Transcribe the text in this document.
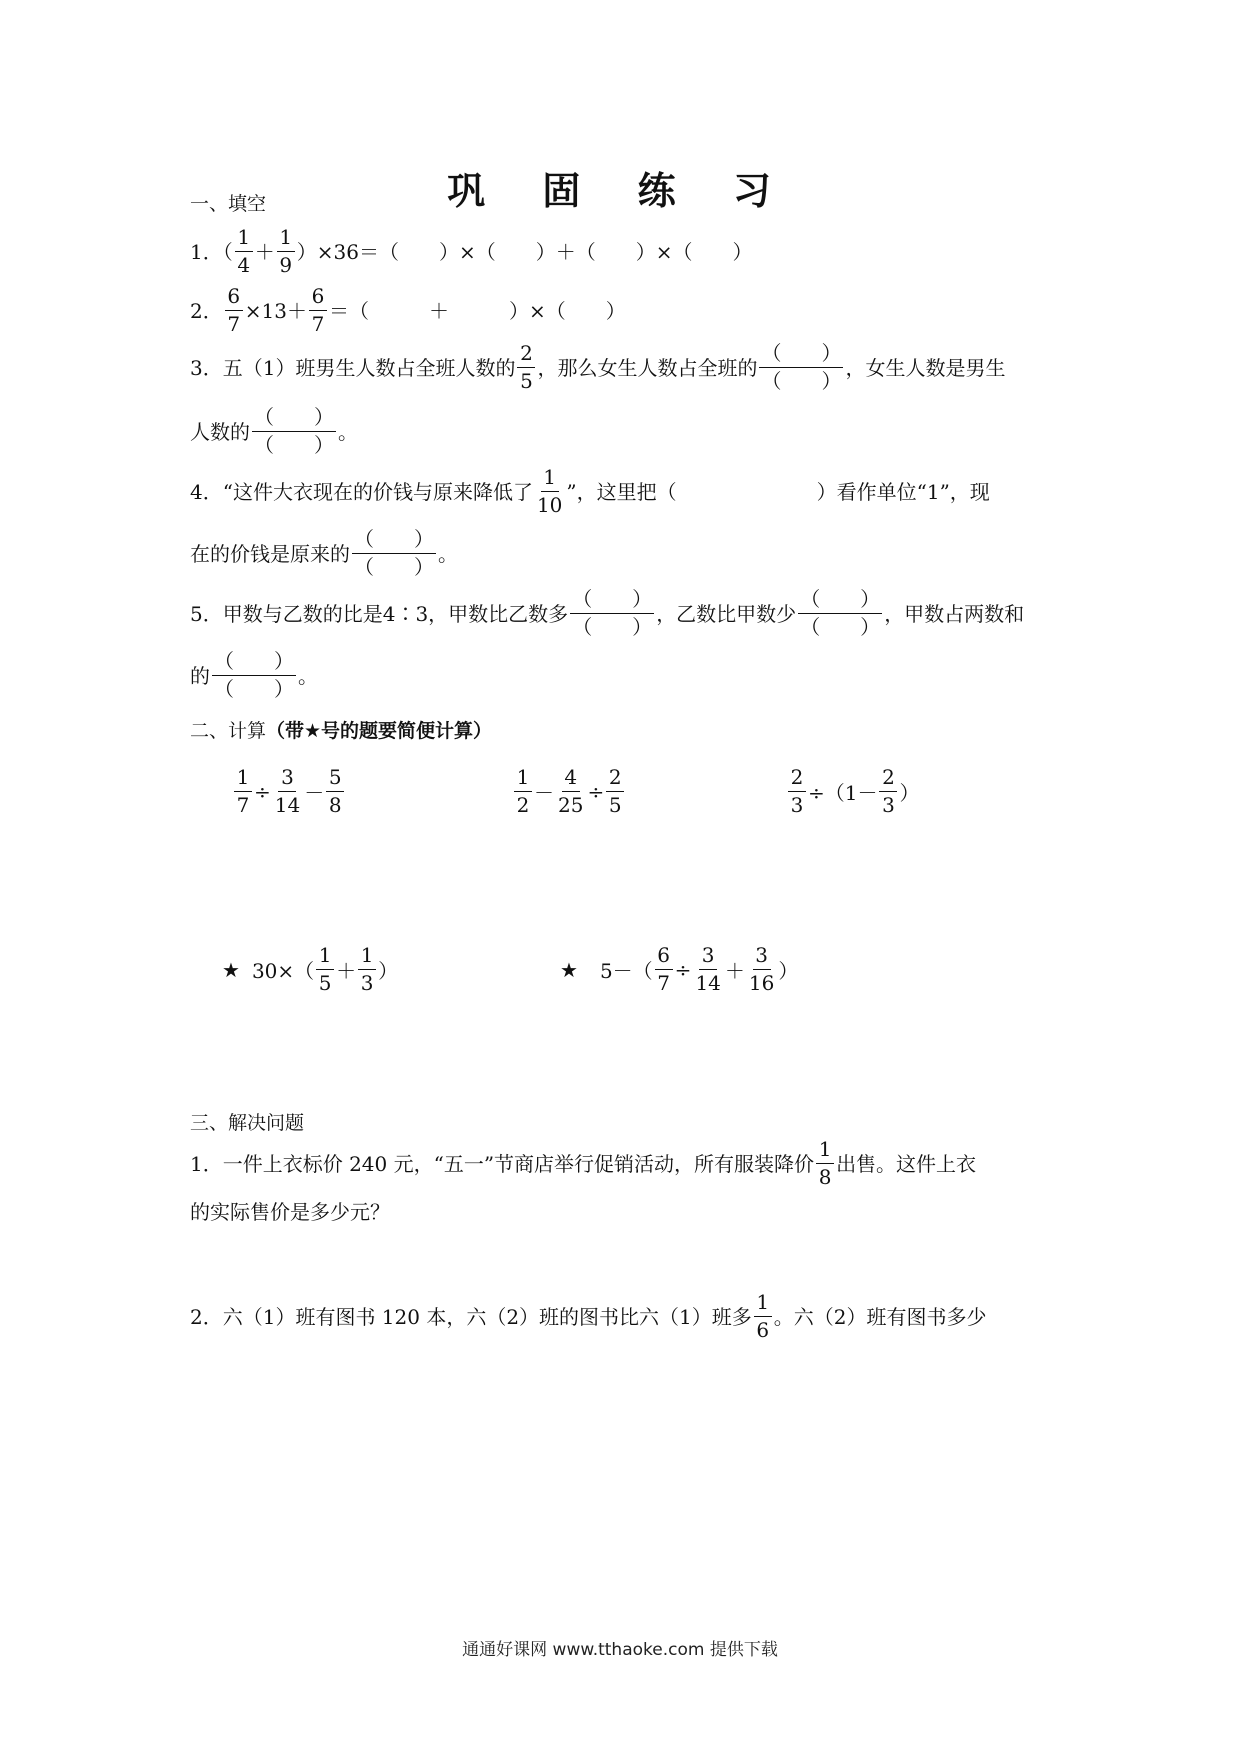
巩 固 练 习
一、填空
1．（ $\frac{1}{4} + \frac{1}{9} )\times 36=$（　　）×（　　）＋（　　）×（　　）
2． $\frac{6}{7} \times 13+ \frac{6}{7}$ ＝（　　　＋　　　）×（　　）
3．五（1）班男生人数占全班人数的 $\frac{2}{5}$ ，那么女生人数占全班的 $\frac{( )}{( )}$ ，女生人数是男生
人数的 $\frac{( )}{( )}$ 。
4．“这件大衣现在的价钱与原来降低了 $\frac{1}{10}$ ”，这里把（　　　　　　　）看作单位“1”，现
在的价钱是原来的 $\frac{( )}{( )}$ 。
5．甲数与乙数的比是4∶3，甲数比乙数多 $\frac{( )}{( )}$ ，乙数比甲数少 $\frac{( )}{( )}$ ，甲数占两数和
的 $\frac{( )}{( )}$ 。
二、计算 （带★号的题要简便计算）
$\frac{1}{7} \div \frac{3}{14} - \frac{5}{8}$	$\frac{1}{2} - \frac{4}{25} \div \frac{2}{5}$	$\frac{2}{3} \div(1- \frac{2}{3}$ ）
★ $30\times( \frac{1}{5} + \frac{1}{3}$ ）	★ $5-( \frac{6}{7} \div \frac{3}{14} + \frac{3}{16}$ ）
三、解决问题
1．一件上衣标价 240 元，“五一”节商店举行促销活动，所有服装降价 $\frac{1}{8}$ 出售。这件上衣
的实际售价是多少元？
2．六（1）班有图书 120 本，六（2）班的图书比六（1）班多 $\frac{1}{6}$ 。六（2）班有图书多少
通通好课网 www.tthaoke.com 提供下载
